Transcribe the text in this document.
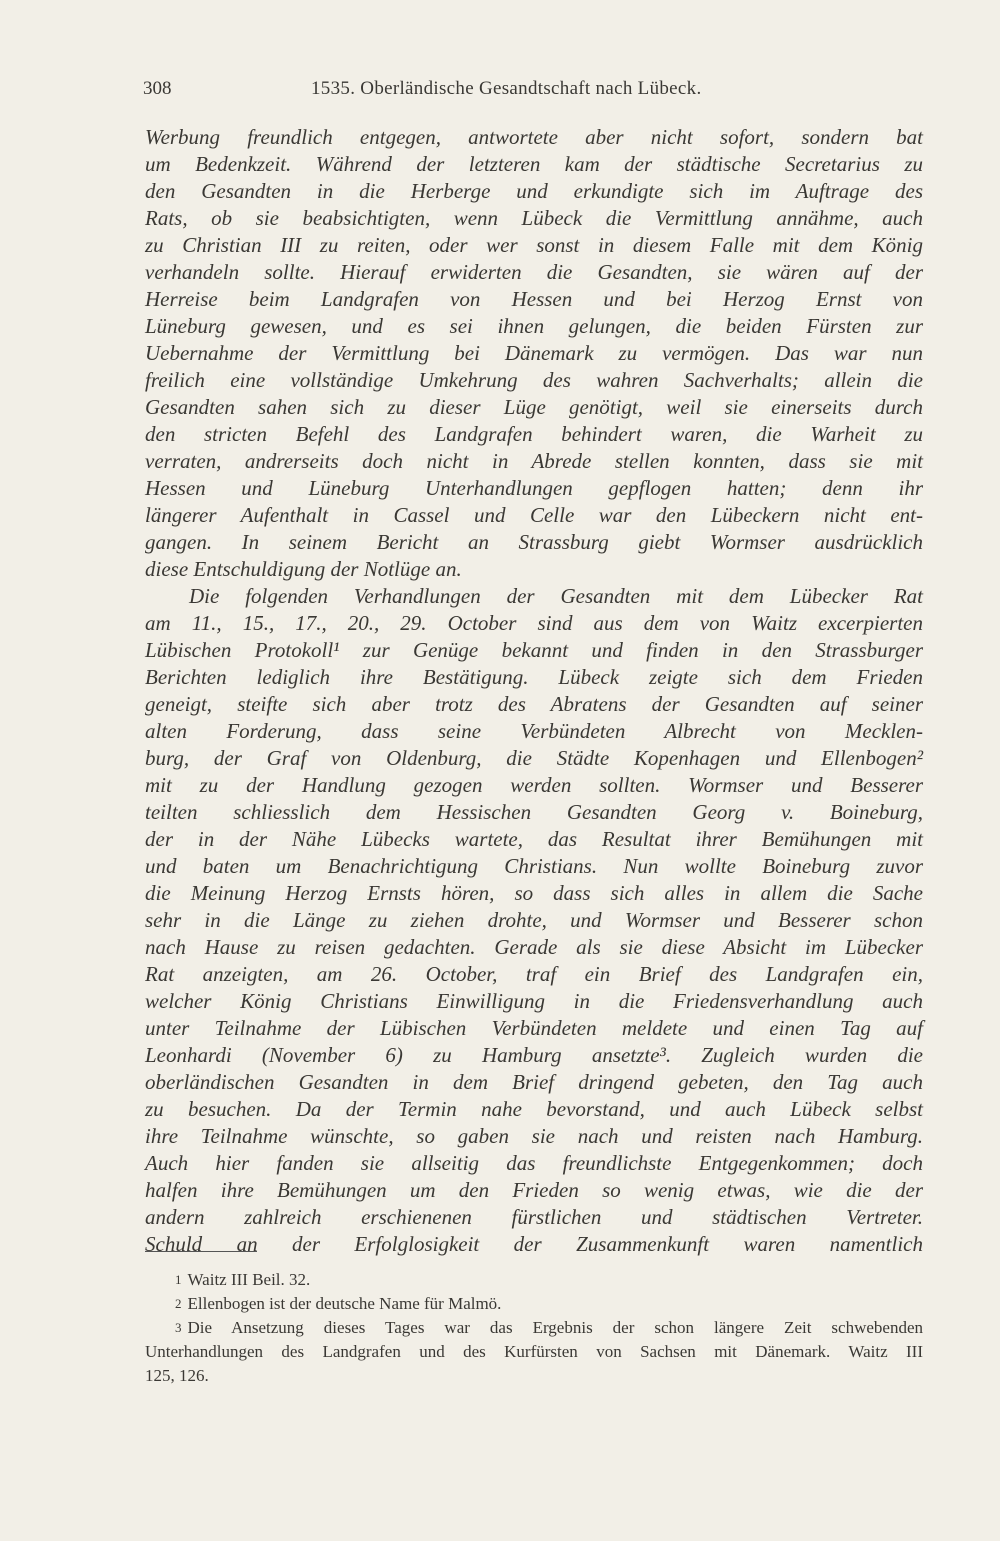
308	1535. Oberländische Gesandtschaft nach Lübeck.
Werbung freundlich entgegen, antwortete aber nicht sofort, sondern bat
um Bedenkzeit. Während der letzteren kam der städtische Secretarius zu
den Gesandten in die Herberge und erkundigte sich im Auftrage des
Rats, ob sie beabsichtigten, wenn Lübeck die Vermittlung annähme, auch
zu Christian III zu reiten, oder wer sonst in diesem Falle mit dem König
verhandeln sollte. Hierauf erwiderten die Gesandten, sie wären auf der
Herreise beim Landgrafen von Hessen und bei Herzog Ernst von
Lüneburg gewesen, und es sei ihnen gelungen, die beiden Fürsten zur
Uebernahme der Vermittlung bei Dänemark zu vermögen. Das war nun
freilich eine vollständige Umkehrung des wahren Sachverhalts; allein die
Gesandten sahen sich zu dieser Lüge genötigt, weil sie einerseits durch
den stricten Befehl des Landgrafen behindert waren, die Warheit zu
verraten, andrerseits doch nicht in Abrede stellen konnten, dass sie mit
Hessen und Lüneburg Unterhandlungen gepflogen hatten; denn ihr
längerer Aufenthalt in Cassel und Celle war den Lübeckern nicht ent-
gangen. In seinem Bericht an Strassburg giebt Wormser ausdrücklich
diese Entschuldigung der Notlüge an.
Die folgenden Verhandlungen der Gesandten mit dem Lübecker Rat
am 11., 15., 17., 20., 29. October sind aus dem von Waitz excerpierten
Lübischen Protokoll¹ zur Genüge bekannt und finden in den Strassburger
Berichten lediglich ihre Bestätigung. Lübeck zeigte sich dem Frieden
geneigt, steifte sich aber trotz des Abratens der Gesandten auf seiner
alten Forderung, dass seine Verbündeten Albrecht von Mecklen-
burg, der Graf von Oldenburg, die Städte Kopenhagen und Ellenbogen²
mit zu der Handlung gezogen werden sollten. Wormser und Besserer
teilten schliesslich dem Hessischen Gesandten Georg v. Boineburg,
der in der Nähe Lübecks wartete, das Resultat ihrer Bemühungen mit
und baten um Benachrichtigung Christians. Nun wollte Boineburg zuvor
die Meinung Herzog Ernsts hören, so dass sich alles in allem die Sache
sehr in die Länge zu ziehen drohte, und Wormser und Besserer schon
nach Hause zu reisen gedachten. Gerade als sie diese Absicht im Lübecker
Rat anzeigten, am 26. October, traf ein Brief des Landgrafen ein,
welcher König Christians Einwilligung in die Friedensverhandlung auch
unter Teilnahme der Lübischen Verbündeten meldete und einen Tag auf
Leonhardi (November 6) zu Hamburg ansetzte³. Zugleich wurden die
oberländischen Gesandten in dem Brief dringend gebeten, den Tag auch
zu besuchen. Da der Termin nahe bevorstand, und auch Lübeck selbst
ihre Teilnahme wünschte, so gaben sie nach und reisten nach Hamburg.
Auch hier fanden sie allseitig das freundlichste Entgegenkommen; doch
halfen ihre Bemühungen um den Frieden so wenig etwas, wie die der
andern zahlreich erschienenen fürstlichen und städtischen Vertreter.
Schuld an der Erfolglosigkeit der Zusammenkunft waren namentlich
$^1$ Waitz III Beil. 32.
$^2$ Ellenbogen ist der deutsche Name für Malmö.
$^3$ Die Ansetzung dieses Tages war das Ergebnis der schon längere Zeit schwebenden
Unterhandlungen des Landgrafen und des Kurfürsten von Sachsen mit Dänemark. Waitz III
125, 126.
